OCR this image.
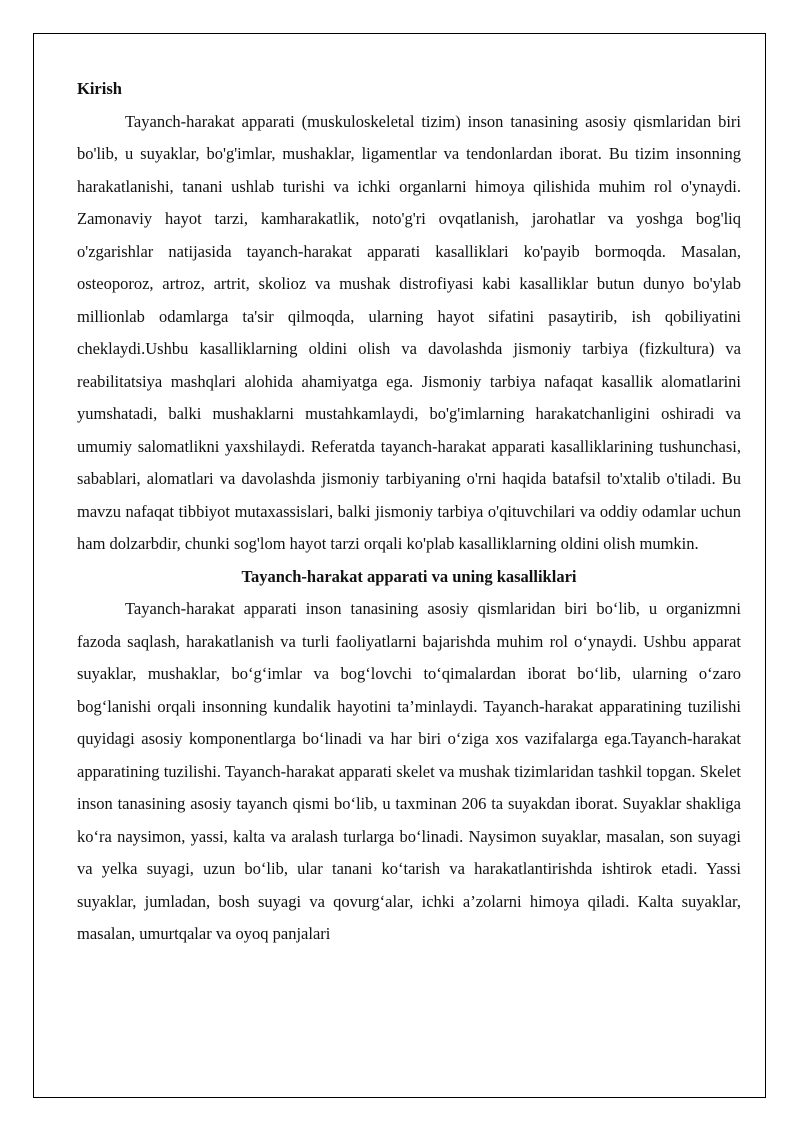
Kirish

Tayanch-harakat apparati (muskuloskeletal tizim) inson tanasining asosiy qismlaridan biri bo'lib, u suyaklar, bo'g'imlar, mushaklar, ligamentlar va tendonlardan iborat. Bu tizim insonning harakatlanishi, tanani ushlab turishi va ichki organlarni himoya qilishida muhim rol o'ynaydi. Zamonaviy hayot tarzi, kamharakatlik, noto'g'ri ovqatlanish, jarohatlar va yoshga bog'liq o'zgarishlar natijasida tayanch-harakat apparati kasalliklari ko'payib bormoqda. Masalan, osteoporoz, artroz, artrit, skolioz va mushak distrofiyasi kabi kasalliklar butun dunyo bo'ylab millionlab odamlarga ta'sir qilmoqda, ularning hayot sifatini pasaytirib, ish qobiliyatini cheklaydi.Ushbu kasalliklarning oldini olish va davolashda jismoniy tarbiya (fizkultura) va reabilitatsiya mashqlari alohida ahamiyatga ega. Jismoniy tarbiya nafaqat kasallik alomatlarini yumshatadi, balki mushaklarni mustahkamlaydi, bo'g'imlarning harakatchanligini oshiradi va umumiy salomatlikni yaxshilaydi. Referatda tayanch-harakat apparati kasalliklarining tushunchasi, sabablari, alomatlari va davolashda jismoniy tarbiyaning o'rni haqida batafsil to'xtalib o'tiladi. Bu mavzu nafaqat tibbiyot mutaxassislari, balki jismoniy tarbiya o'qituvchilari va oddiy odamlar uchun ham dolzarbdir, chunki sog'lom hayot tarzi orqali ko'plab kasalliklarning oldini olish mumkin.

Tayanch-harakat apparati va uning kasalliklari

Tayanch-harakat apparati inson tanasining asosiy qismlaridan biri bo‘lib, u organizmni fazoda saqlash, harakatlanish va turli faoliyatlarni bajarishda muhim rol o‘ynaydi. Ushbu apparat suyaklar, mushaklar, bo‘g‘imlar va bog‘lovchi to‘qimalardan iborat bo‘lib, ularning o‘zaro bog‘lanishi orqali insonning kundalik hayotini ta’minlaydi. Tayanch-harakat apparatining tuzilishi quyidagi asosiy komponentlarga bo‘linadi va har biri o‘ziga xos vazifalarga ega.Tayanch-harakat apparatining tuzilishi. Tayanch-harakat apparati skelet va mushak tizimlaridan tashkil topgan. Skelet inson tanasining asosiy tayanch qismi bo‘lib, u taxminan 206 ta suyakdan iborat. Suyaklar shakliga ko‘ra naysimon, yassi, kalta va aralash turlarga bo‘linadi. Naysimon suyaklar, masalan, son suyagi va yelka suyagi, uzun bo‘lib, ular tanani ko‘tarish va harakatlantirishda ishtirok etadi. Yassi suyaklar, jumladan, bosh suyagi va qovurg‘alar, ichki a’zolarni himoya qiladi. Kalta suyaklar, masalan, umurtqalar va oyoq panjalari
